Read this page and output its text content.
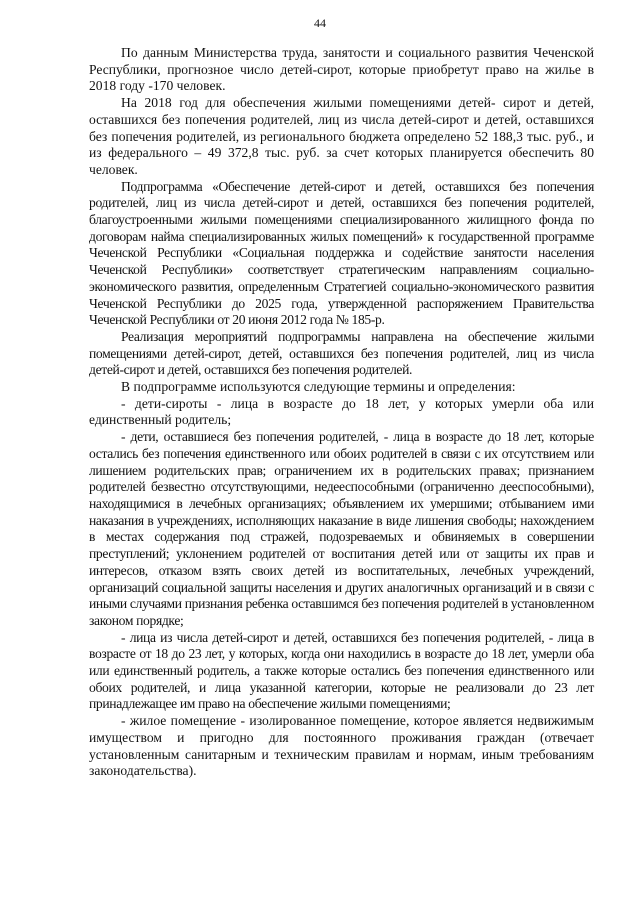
44

По данным Министерства труда, занятости и социального развития Чеченской Республики, прогнозное число детей-сирот, которые приобретут право на жилье в 2018 году -170 человек.

На 2018 год для обеспечения жилыми помещениями детей- сирот и детей, оставшихся без попечения родителей, лиц из числа детей-сирот и детей, оставшихся без попечения родителей, из регионального бюджета определено 52 188,3 тыс. руб., и из федерального – 49 372,8 тыс. руб. за счет которых планируется обеспечить 80 человек.

Подпрограмма «Обеспечение детей-сирот и детей, оставшихся без попечения родителей, лиц из числа детей-сирот и детей, оставшихся без попечения родителей, благоустроенными жилыми помещениями специализированного жилищного фонда по договорам найма специализированных жилых помещений» к государственной программе Чеченской Республики «Социальная поддержка и содействие занятости населения Чеченской Республики» соответствует стратегическим направлениям социально-экономического развития, определенным Стратегией социально-экономического развития Чеченской Республики до 2025 года, утвержденной распоряжением Правительства Чеченской Республики от 20 июня 2012 года № 185-р.

Реализация мероприятий подпрограммы направлена на обеспечение жилыми помещениями детей-сирот, детей, оставшихся без попечения родителей, лиц из числа детей-сирот и детей, оставшихся без попечения родителей.

В подпрограмме используются следующие термины и определения:

- дети-сироты - лица в возрасте до 18 лет, у которых умерли оба или единственный родитель;

- дети, оставшиеся без попечения родителей, - лица в возрасте до 18 лет, которые остались без попечения единственного или обоих родителей в связи с их отсутствием или лишением родительских прав; ограничением их в родительских правах; признанием родителей безвестно отсутствующими, недееспособными (ограниченно дееспособными), находящимися в лечебных организациях; объявлением их умершими; отбыванием ими наказания в учреждениях, исполняющих наказание в виде лишения свободы; нахождением в местах содержания под стражей, подозреваемых и обвиняемых в совершении преступлений; уклонением родителей от воспитания детей или от защиты их прав и интересов, отказом взять своих детей из воспитательных, лечебных учреждений, организаций социальной защиты населения и других аналогичных организаций и в связи с иными случаями признания ребенка оставшимся без попечения родителей в установленном законом порядке;

- лица из числа детей-сирот и детей, оставшихся без попечения родителей, - лица в возрасте от 18 до 23 лет, у которых, когда они находились в возрасте до 18 лет, умерли оба или единственный родитель, а также которые остались без попечения единственного или обоих родителей, и лица указанной категории, которые не реализовали до 23 лет принадлежащее им право на обеспечение жилыми помещениями;

- жилое помещение - изолированное помещение, которое является недвижимым имуществом и пригодно для постоянного проживания граждан (отвечает установленным санитарным и техническим правилам и нормам, иным требованиям законодательства).
